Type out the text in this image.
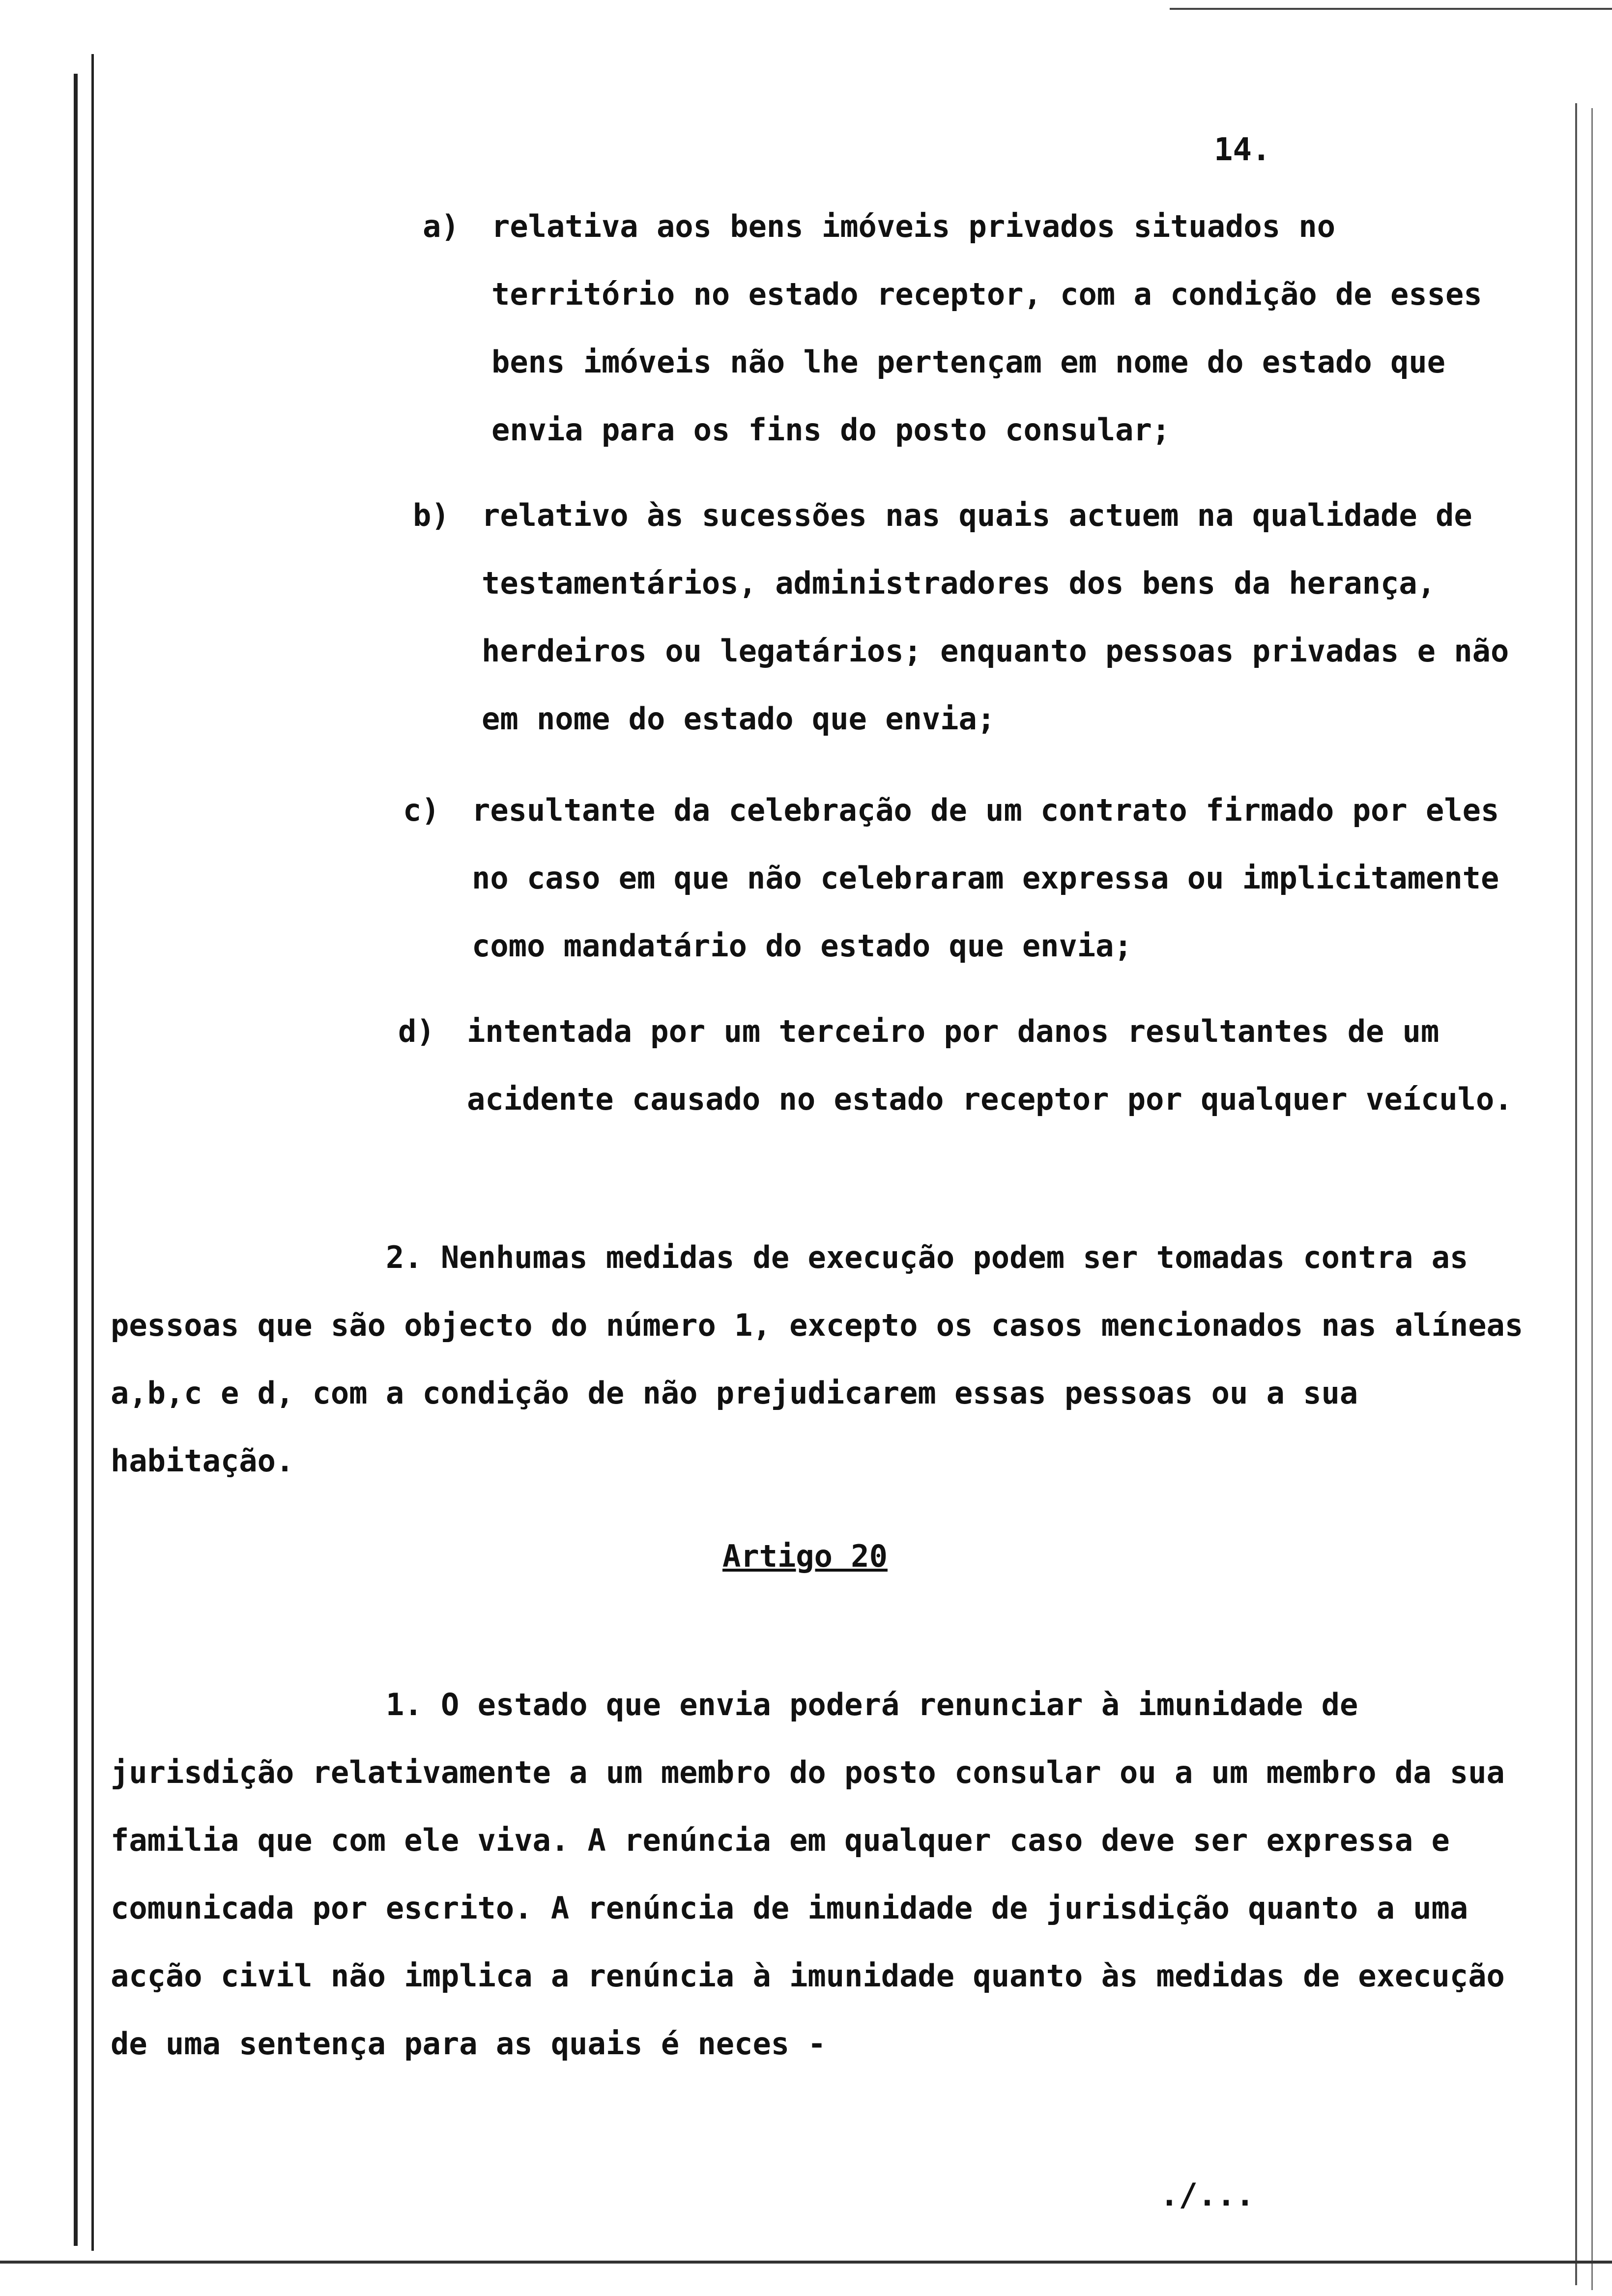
14.

a) relativa aos bens imóveis privados situados no território no estado receptor, com a condição de esses bens imóveis não lhe pertençam em nome do estado que envia para os fins do posto consular;
b) relativo às sucessões nas quais actuem na qualidade de testamentários, administradores dos bens da herança, herdeiros ou legatários; enquanto pessoas privadas e não em nome do estado que envia;
c) resultante da celebração de um contrato firmado por eles no caso em que não celebraram expressa ou implicitamente como mandatário do estado que envia;
d) intentada por um terceiro por danos resultantes de um acidente causado no estado receptor por qualquer veículo.

2. Nenhumas medidas de execução podem ser tomadas contra as pessoas que são objecto do número 1, excepto os casos mencionados nas alíneas a,b,c e d, com a condição de não prejudicarem essas pessoas ou a sua habitação.

Artigo 20

1. O estado que envia poderá renunciar à imunidade de jurisdição relativamente a um membro do posto consular ou a um membro da sua familia que com ele viva. A renúncia em qualquer caso deve ser expressa e comunicada por escrito. A renúncia de imunidade de jurisdição quanto a uma acção civil não implica a renúncia à imunidade quanto às medidas de execução de uma sentença para as quais é neces -

./...
